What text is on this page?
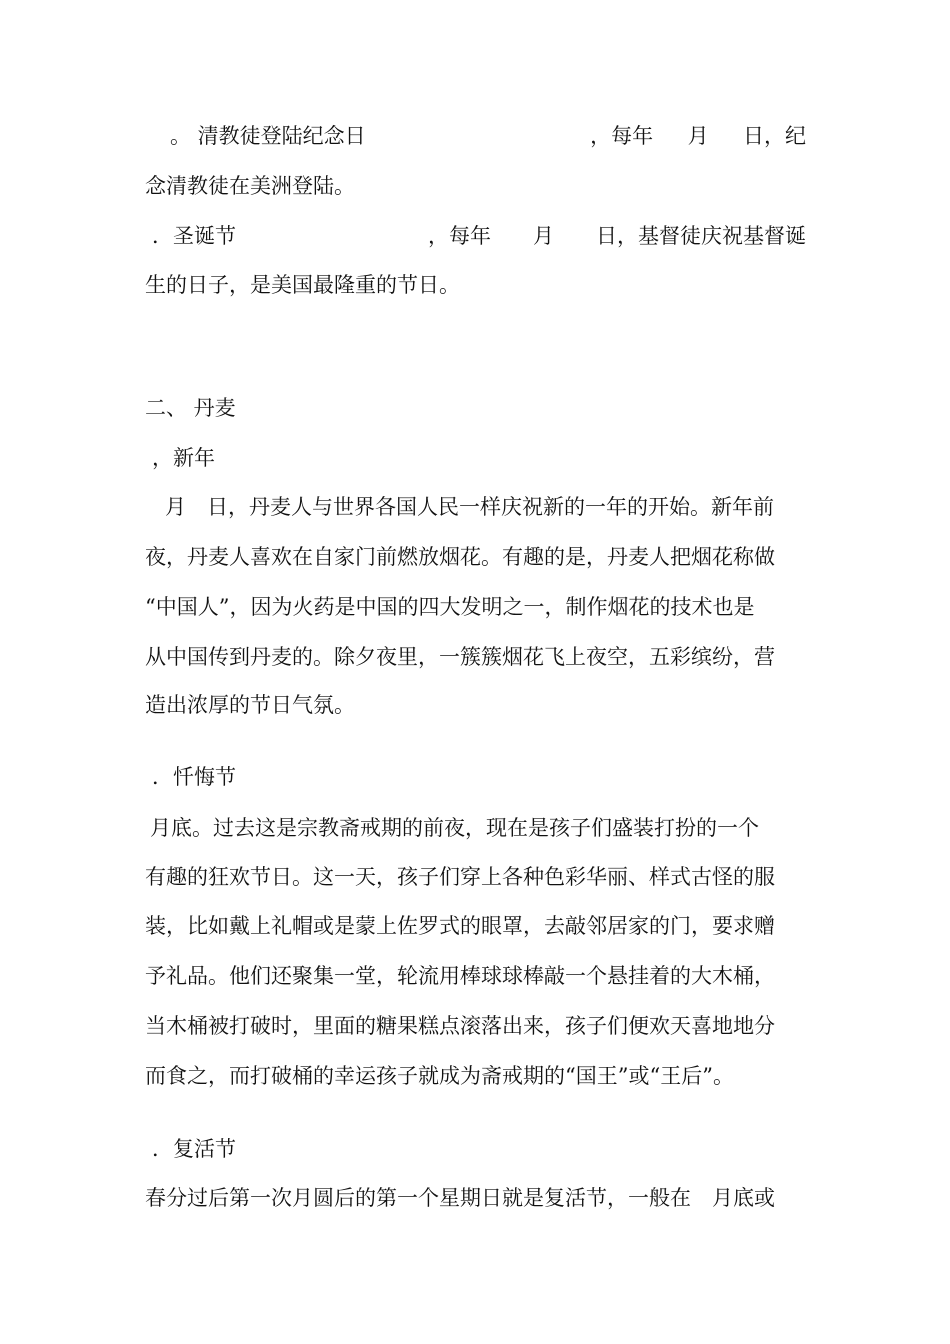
。 清教徒登陆纪念日	，每年 月 日，纪
念清教徒在美洲登陆。
．圣诞节	，每年 月 日，基督徒庆祝基督诞
生的日子，是美国最隆重的节日。
二、 丹麦
，新年
月　日，丹麦人与世界各国人民一样庆祝新的一年的开始。新年前
夜，丹麦人喜欢在自家门前燃放烟花。有趣的是，丹麦人把烟花称做
“中国人”，因为火药是中国的四大发明之一，制作烟花的技术也是
从中国传到丹麦的。除夕夜里，一簇簇烟花飞上夜空，五彩缤纷，营
造出浓厚的节日气氛。
．忏悔节
月底。过去这是宗教斋戒期的前夜，现在是孩子们盛装打扮的一个
有趣的狂欢节日。这一天，孩子们穿上各种色彩华丽、样式古怪的服
装，比如戴上礼帽或是蒙上佐罗式的眼罩，去敲邻居家的门，要求赠
予礼品。他们还聚集一堂，轮流用棒球球棒敲一个悬挂着的大木桶，
当木桶被打破时，里面的糖果糕点滚落出来，孩子们便欢天喜地地分
而食之，而打破桶的幸运孩子就成为斋戒期的“国王”或“王后”。
．复活节
春分过后第一次月圆后的第一个星期日就是复活节，一般在　月底或
